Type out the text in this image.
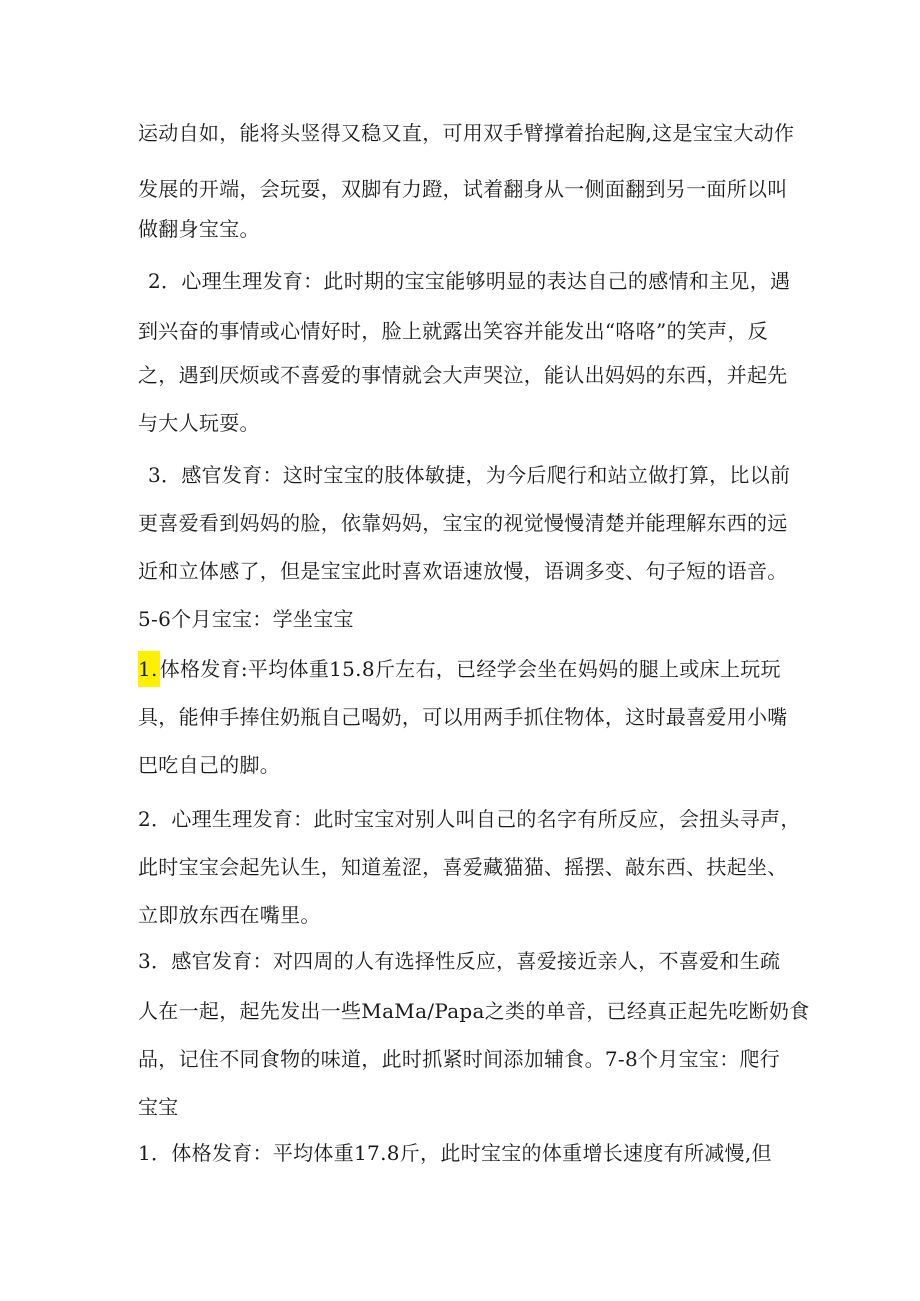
运动自如，能将头竖得又稳又直，可用双手臂撑着抬起胸,这是宝宝大动作

发展的开端，会玩耍，双脚有力蹬，试着翻身从一侧面翻到另一面所以叫

做翻身宝宝。

2．心理生理发育：此时期的宝宝能够明显的表达自己的感情和主见，遇

到兴奋的事情或心情好时，脸上就露出笑容并能发出“咯咯”的笑声，反

之，遇到厌烦或不喜爱的事情就会大声哭泣，能认出妈妈的东西，并起先

与大人玩耍。

3．感官发育：这时宝宝的肢体敏捷，为今后爬行和站立做打算，比以前

更喜爱看到妈妈的脸，依靠妈妈，宝宝的视觉慢慢清楚并能理解东西的远

近和立体感了，但是宝宝此时喜欢语速放慢，语调多变、句子短的语音。

5-6个月宝宝：学坐宝宝

1. 体格发育:平均体重15.8斤左右，已经学会坐在妈妈的腿上或床上玩玩

具，能伸手捧住奶瓶自己喝奶，可以用两手抓住物体，这时最喜爱用小嘴

巴吃自己的脚。

2．心理生理发育：此时宝宝对别人叫自己的名字有所反应，会扭头寻声，

此时宝宝会起先认生，知道羞涩，喜爱藏猫猫、摇摆、敲东西、扶起坐、

立即放东西在嘴里。

3．感官发育：对四周的人有选择性反应，喜爱接近亲人，不喜爱和生疏

人在一起，起先发出一些MaMa/Papa之类的单音，已经真正起先吃断奶食

品，记住不同食物的味道，此时抓紧时间添加辅食。7-8个月宝宝：爬行

宝宝

1．体格发育：平均体重17.8斤，此时宝宝的体重增长速度有所减慢,但
